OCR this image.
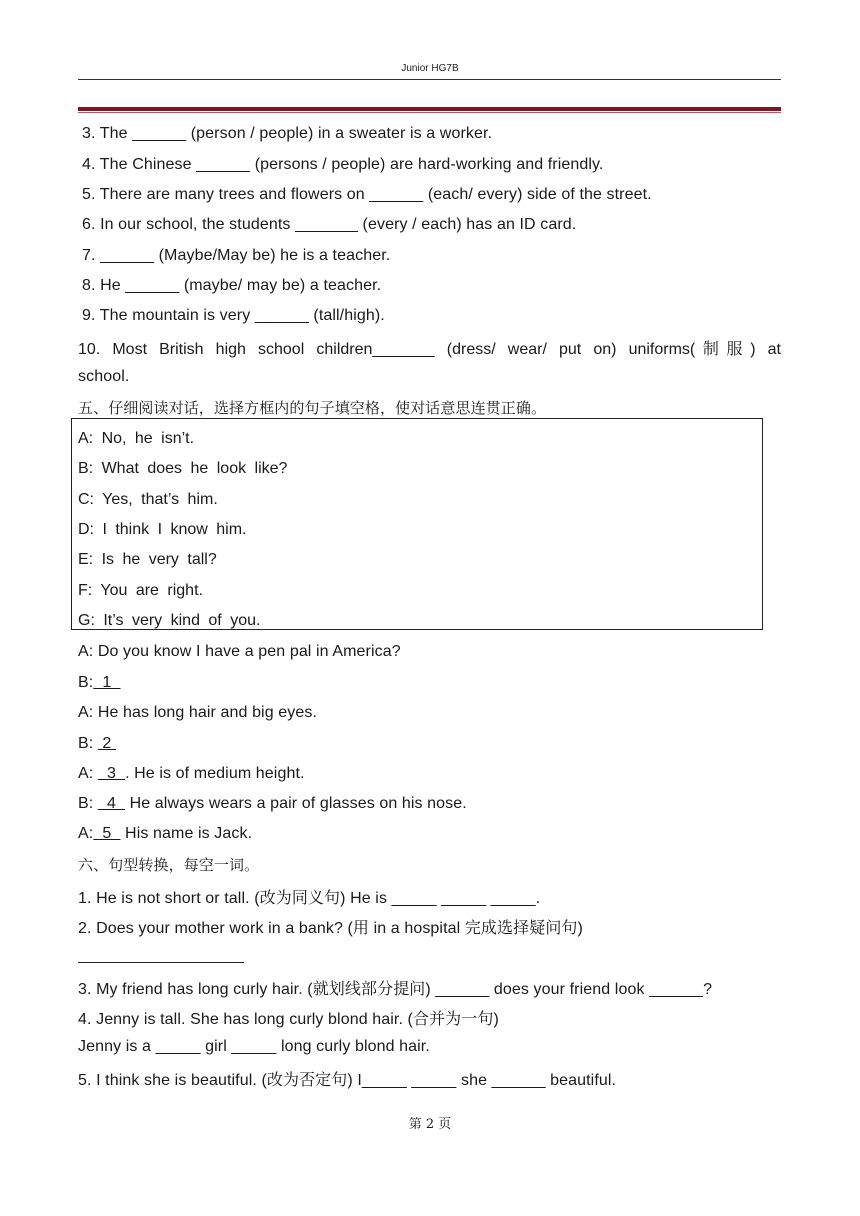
Junior HG7B
3. The ______ (person / people) in a sweater is a worker.
4. The Chinese ______ (persons / people) are hard-working and friendly.
5. There are many trees and flowers on ______ (each/ every) side of the street.
6. In our school, the students _______ (every / each) has an ID card.
7. ______ (Maybe/May be) he is a teacher.
8. He ______ (maybe/ may be) a teacher.
9. The mountain is very ______ (tall/high).
10. Most British high school children_______ (dress/ wear/ put on) uniforms(制服) at
school.
五、仔细阅读对话，选择方框内的句子填空格，使对话意思连贯正确。
A: No, he isn’t.
B: What does he look like?
C: Yes, that’s him.
D: I think I know him.
E: Is he very tall?
F: You are right.
G: It’s very kind of you.
A: Do you know I have a pen pal in America?
B:  1
A: He has long hair and big eyes.
B:  2
A:   3  . He is of medium height.
B:   4   He always wears a pair of glasses on his nose.
A:  5   His name is Jack.
六、句型转换，每空一词。
1. He is not short or tall. (改为同义句) He is _____ _____ _____.
2. Does your mother work in a bank? (用 in a hospital 完成选择疑问句)
3. My friend has long curly hair. (就划线部分提问) ______ does your friend look ______?
4. Jenny is tall. She has long curly blond hair. (合并为一句)
Jenny is a _____ girl _____ long curly blond hair.
5. I think she is beautiful. (改为否定句) I_____ _____ she ______ beautiful.
第 2 页
